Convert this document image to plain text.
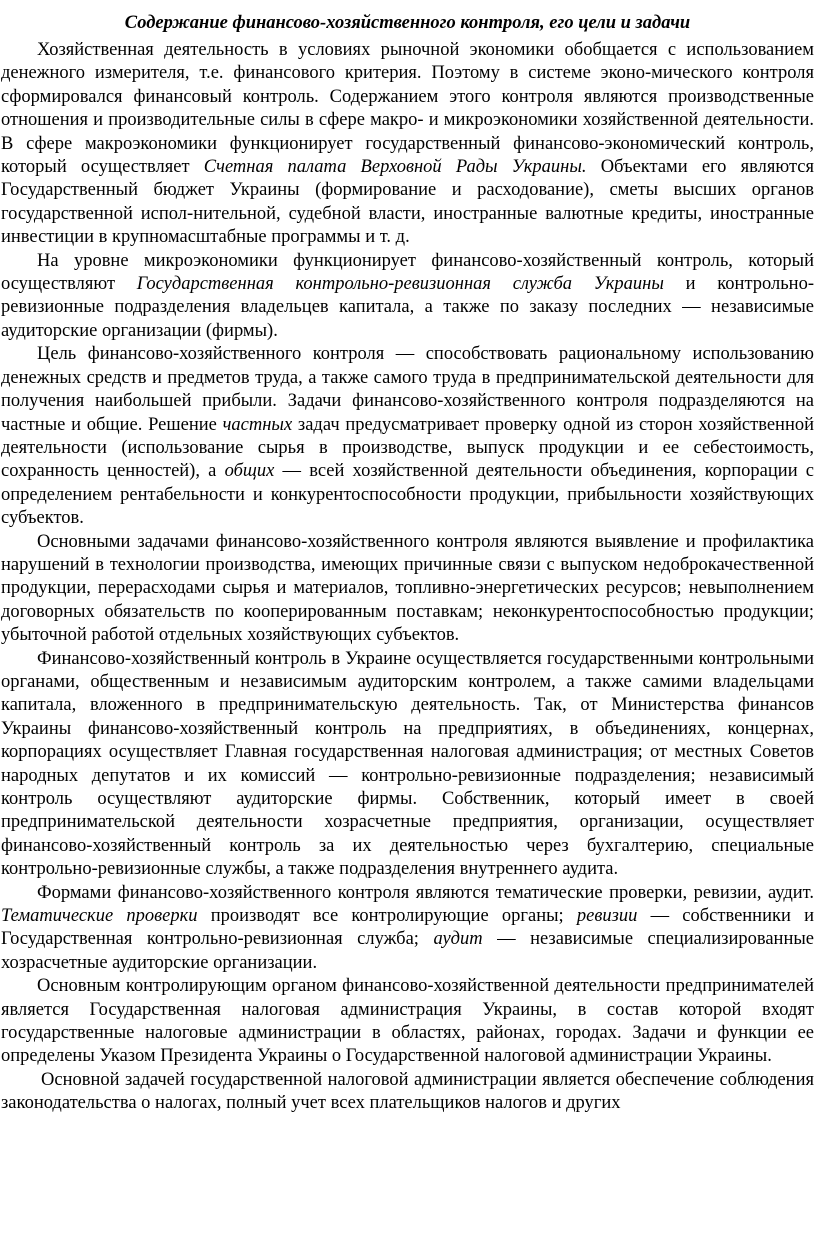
Содержание финансово-хозяйственного контроля, его цели и задачи

Хозяйственная деятельность в условиях рыночной экономики обобщается с использованием денежного измерителя, т.е. финансового критерия. Поэтому в системе эконо-мического контроля сформировался финансовый контроль. Содержанием этого контроля являются производственные отношения и производительные силы в сфере макро- и микроэкономики хозяйственной деятельности. В сфере макроэкономики функционирует государственный финансово-экономический контроль, который осуществляет Счетная палата Верховной Рады Украины. Объектами его являются Государственный бюджет Украины (формирование и расходование), сметы высших органов государственной испол-нительной, судебной власти, иностранные валютные кредиты, иностранные инвестиции в крупномасштабные программы и т. д.

На уровне микроэкономики функционирует финансово-хозяйственный контроль, который осуществляют Государственная контрольно-ревизионная служба Украины и контрольно-ревизионные подразделения владельцев капитала, а также по заказу последних — независимые аудиторские организации (фирмы).

Цель финансово-хозяйственного контроля — способствовать рациональному использованию денежных средств и предметов труда, а также самого труда в предпринимательской деятельности для получения наибольшей прибыли. Задачи финансово-хозяйственного контроля подразделяются на частные и общие. Решение частных задач предусматривает проверку одной из сторон хозяйственной деятельности (использование сырья в производстве, выпуск продукции и ее себестоимость, сохранность ценностей), а общих — всей хозяйственной деятельности объединения, корпорации с определением рентабельности и конкурентоспособности продукции, прибыльности хозяйствующих субъектов.

Основными задачами финансово-хозяйственного контроля являются выявление и профилактика нарушений в технологии производства, имеющих причинные связи с выпуском недоброкачественной продукции, перерасходами сырья и материалов, топливно-энергетических ресурсов; невыполнением договорных обязательств по кооперированным поставкам; неконкурентоспособностью продукции; убыточной работой отдельных хозяйствующих субъектов.

Финансово-хозяйственный контроль в Украине осуществляется государственными контрольными органами, общественным и независимым аудиторским контролем, а также самими владельцами капитала, вложенного в предпринимательскую деятельность. Так, от Министерства финансов Украины финансово-хозяйственный контроль на предприятиях, в объединениях, концернах, корпорациях осуществляет Главная государственная налоговая администрация; от местных Советов народных депутатов и их комиссий — контрольно-ревизионные подразделения; независимый контроль осуществляют аудиторские фирмы. Собственник, который имеет в своей предпринимательской деятельности хозрасчетные предприятия, организации, осуществляет финансово-хозяйственный контроль за их деятельностью через бухгалтерию, специальные контрольно-ревизионные службы, а также подразделения внутреннего аудита.

Формами финансово-хозяйственного контроля являются тематические проверки, ревизии, аудит. Тематические проверки производят все контролирующие органы; ревизии — собственники и Государственная контрольно-ревизионная служба; аудит — независимые специализированные хозрасчетные аудиторские организации.

Основным контролирующим органом финансово-хозяйственной деятельности предпринимателей является Государственная налоговая администрация Украины, в состав которой входят государственные налоговые администрации в областях, районах, городах. Задачи и функции ее определены Указом Президента Украины о Государственной налоговой администрации Украины.

Основной задачей государственной налоговой администрации является обеспечение соблюдения законодательства о налогах, полный учет всех плательщиков налогов и других
